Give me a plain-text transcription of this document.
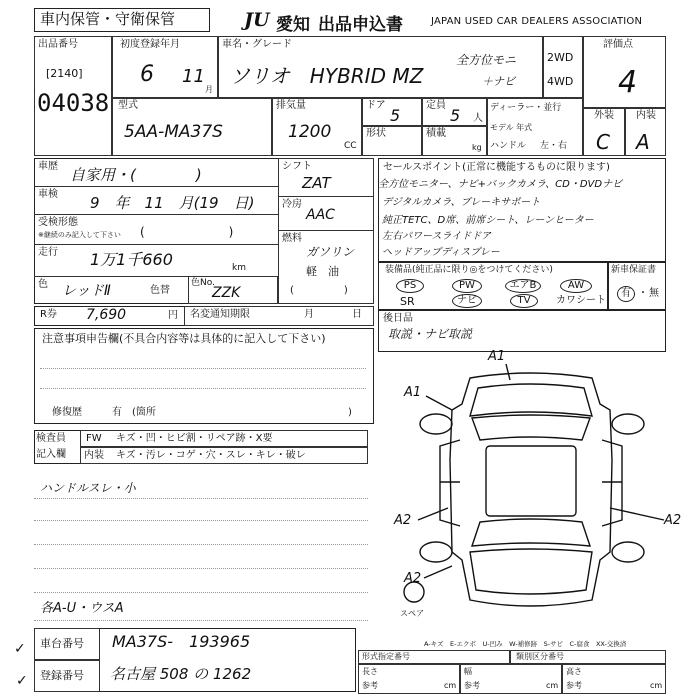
車内保管・守衛保管	JU 愛知 出品申込書	JAPAN USED CAR DEALERS ASSOCIATION
出品番号
[2140]
04038
初度登録年月
6 11
月
車名・グレード
ソリオ　HYBRID MZ
全方位モニ
＋ナビ
2WD
4WD
評価点
4
型式
5AA-MA37S
排気量
1200
CC
ドア
5
定員
5 人
形状	積載
kg
ディーラー・並行
モデル 年式
ハンドル 左・右
外装 内装
C A
車歴 自家用・(　　　　)
車検 9　年　11　月(19　日)
受検形態
※継続のみ記入して下さい (　　　　　　　)
走行 1万1千660	km
色 レッドⅡ	色替
色No.
ZZK
シフト
ZAT
冷房
AAC
燃料
ガソリン
軽　油
(　　　　　)
セールスポイント(正常に機能するものに限ります)
全方位モニター、ナビ+バックカメラ、CD・DVDナビ
デジタルカメラ、ブレーキサポート
純正TETC、D席、前席シート、レーンヒーター
左右パワースライドドア
ヘッドアップディスプレー
装備品(純正品に限り◎をつけてください)
PS	PW	エアB	AW
SR	ナビ	TV	カワシート
新車保証書
有 ・ 無
後日品
取説・ナビ取説
R券 7,690	円 名変通知期限	月	日
注意事項申告欄(不具合内容等は具体的に記入して下さい)
修復歴	有　(箇所	)
検査員
記入欄
FW キズ・凹・ヒビ割・リペア跡・X要
内装 キズ・汚レ・コゲ・穴・スレ・キレ・破レ
ハンドルスレ・小
各A-U・ウスA
A1
A1
A2	A2
A2
スペア
A-キズ　E-エクボ　U-凹み　W-補修跡　S-サビ　C-腐食　XX-交換済
車台番号
登録番号
MA37S-　193965
名古屋 508 の 1262
✓
✓
形式指定番号	類別区分番号
長さ	幅	高さ
参考	参考	参考
cm	cm	cm
